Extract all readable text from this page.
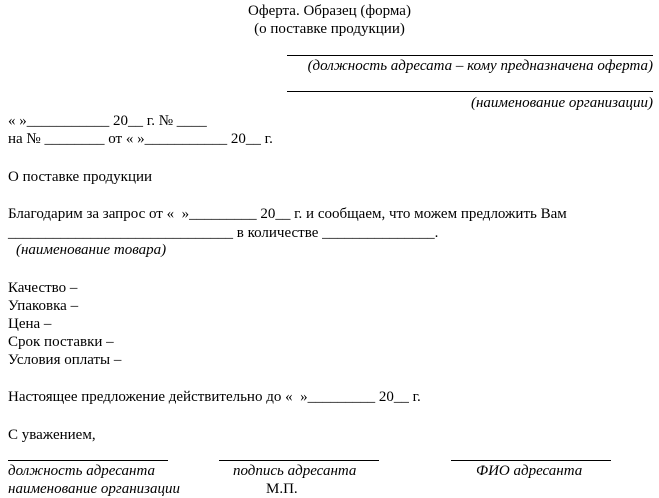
Оферта. Образец (форма)
(о поставке продукции)
(должность адресата – кому предназначена оферта)
(наименование организации)
« »___________ 20__ г. № ____
на № ________ от « »___________ 20__ г.
О поставке продукции
Благодарим за запрос от «  »_________ 20__ г. и сообщаем, что можем предложить Вам
______________________________ в количестве _______________.
(наименование товара)
Качество –
Упаковка –
Цена –
Срок поставки –
Условия оплаты –
Настоящее предложение действительно до «  »_________ 20__ г.
С уважением,
должность адресанта	подпись адресанта	ФИО адресанта
наименование организации	М.П.
